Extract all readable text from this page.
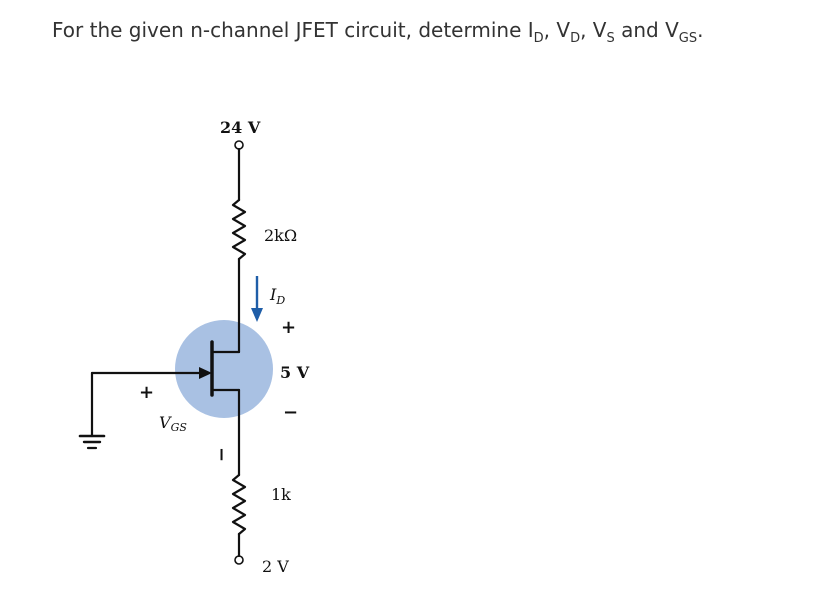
For the given n-channel JFET circuit, determine $I_D$, $V_D$, $V_S$ and $V_{GS}$.
24 V
2kΩ
$I_D$
+
5 V
−
+
VGS
−
1k
2 V
